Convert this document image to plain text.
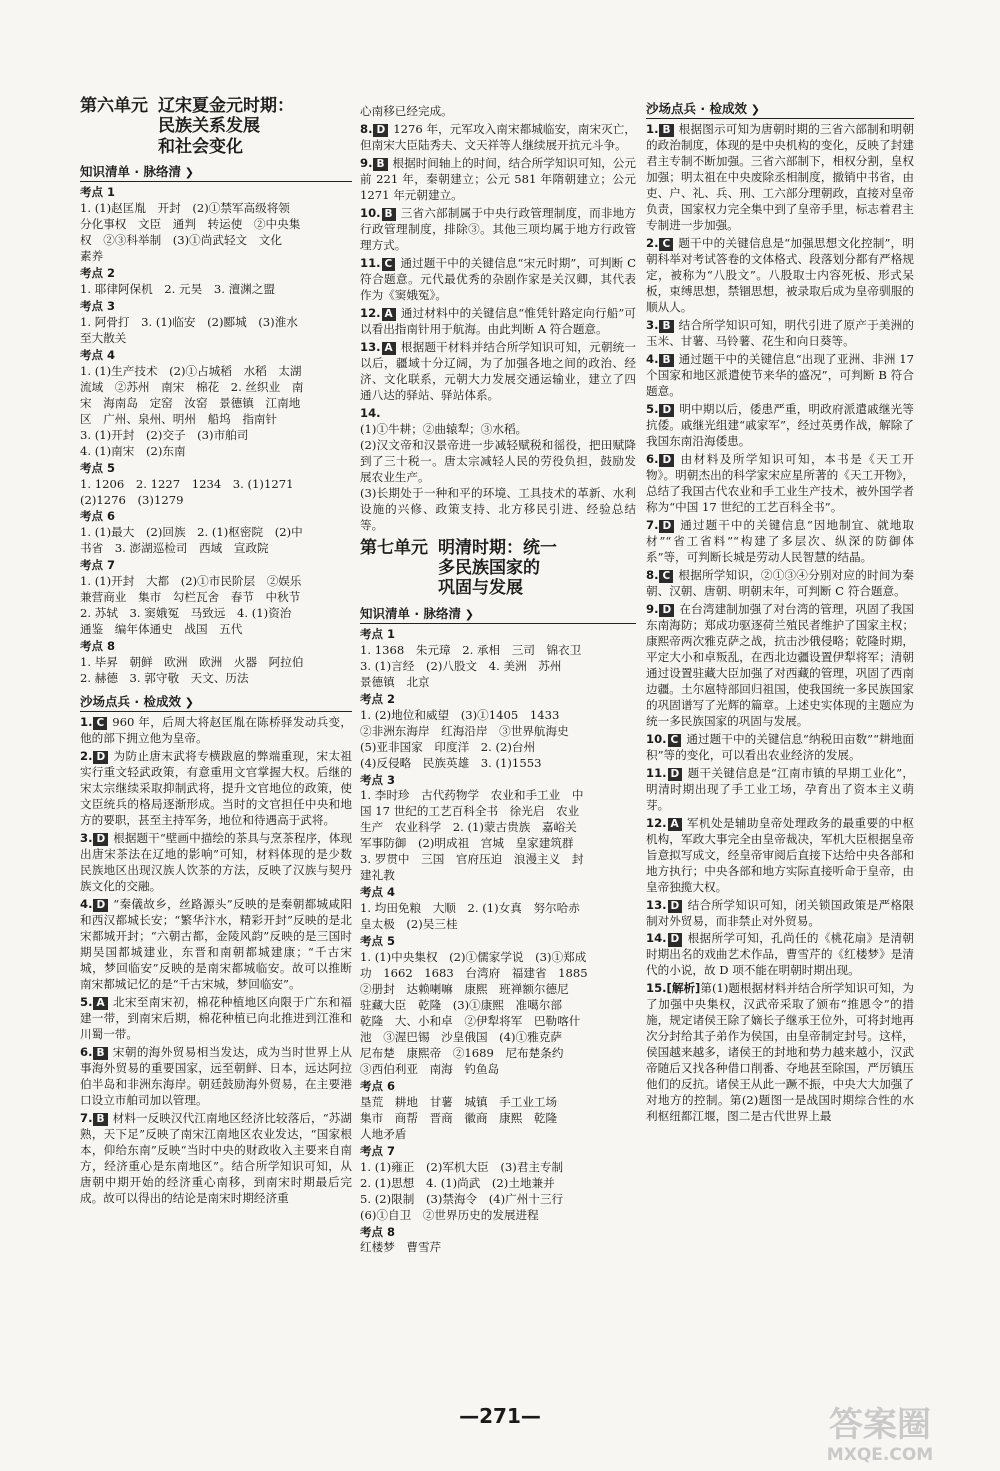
第六单元 辽宋夏金元时期：
民族关系发展
和社会变化
知识清单 · 脉络清 ❯
考点 1
1. (1)赵匡胤　开封　(2)①禁军高级将领
分化事权　文臣　通判　转运使　②中央集
权　②③科举制　(3)①尚武轻文　文化
素养
考点 2
1. 耶律阿保机　2. 元昊　3. 澶渊之盟
考点 3
1. 阿骨打　3. (1)临安　(2)郾城　(3)淮水
至大散关
考点 4
1. (1)生产技术　(2)①占城稻　水稻　太湖
流域　②苏州　南宋　棉花　2. 丝织业　南
宋　海南岛　定窑　汝窑　景德镇　江南地
区　广州、泉州、明州　船坞　指南针
3. (1)开封　(2)交子　(3)市舶司
4. (1)南宋　(2)东南
考点 5
1. 1206　2. 1227　1234　3. (1)1271
(2)1276　(3)1279
考点 6
1. (1)最大　(2)回族　2. (1)枢密院　(2)中
书省　3. 澎湖巡检司　西域　宣政院
考点 7
1. (1)开封　大都　(2)①市民阶层　②娱乐
兼营商业　集市　勾栏瓦舍　春节　中秋节
2. 苏轼　3. 窦娥冤　马致远　4. (1)资治
通鉴　编年体通史　战国　五代
考点 8
1. 毕昇　朝鲜　欧洲　欧洲　火器　阿拉伯
2. 赫德　3. 郭守敬　天文、历法
沙场点兵 · 检成效 ❯
1. C 960 年，后周大将赵匡胤在陈桥驿发动兵变，他的部下拥立他为皇帝。
2. D 为防止唐末武将专横跋扈的弊端重现，宋太祖实行重文轻武政策，有意重用文官掌握大权。后继的宋太宗继续采取抑制武将，提升文官地位的政策，使文臣统兵的格局逐渐形成。当时的文官担任中央和地方的要职，甚至主持军务，地位和待遇高于武将。
3. D 根据题干“壁画中描绘的茶具与烹茶程序，体现出唐宋茶法在辽地的影响”可知，材料体现的是少数民族地区出现汉族人饮茶的方法，反映了汉族与契丹族文化的交融。
4. D “秦儀故乡，丝路源头”反映的是秦朝都城咸阳和西汉都城长安；“繁华汴水，精彩开封”反映的是北宋都城开封；“六朝古都，金陵风韵”反映的是三国时期吴国都城建业，东晋和南朝都城建康；“千古宋城，梦回临安”反映的是南宋都城临安。故可以推断南宋都城记忆的是“千古宋城，梦回临安”。
5. A 北宋至南宋初，棉花种植地区向限于广东和福建一带，到南宋后期，棉花种植已向北推进到江淮和川蜀一带。
6. B 宋朝的海外贸易相当发达，成为当时世界上从事海外贸易的重要国家，远至朝鲜、日本，远达阿拉伯半岛和非洲东海岸。朝廷鼓励海外贸易，在主要港口设立市舶司加以管理。
7. B 材料一反映汉代江南地区经济比较落后，“苏湖熟，天下足”反映了南宋江南地区农业发达，“国家根本，仰给东南”反映“当时中央的财政收入主要来自南方，经济重心是东南地区”。结合所学知识可知，从唐朝中期开始的经济重心南移，到南宋时期最后完成。故可以得出的结论是南宋时期经济重
心南移已经完成。
8. D 1276 年，元军攻入南宋都城临安，南宋灭亡，但南宋大臣陆秀夫、文天祥等人继续展开抗元斗争。
9. B 根据时间轴上的时间，结合所学知识可知，公元前 221 年，秦朝建立；公元 581 年隋朝建立；公元 1271 年元朝建立。
10. B 三省六部制属于中央行政管理制度，而非地方行政管理制度，排除③。其他三项均属于地方行政管理方式。
11. C 通过题干中的关键信息“宋元时期”，可判断 C 符合题意。元代最优秀的杂剧作家是关汉卿，其代表作为《窦娥冤》。
12. A 通过材料中的关键信息“惟凭针路定向行船”可以看出指南针用于航海。由此判断 A 符合题意。
13. A 根据题干材料并结合所学知识可知，元朝统一以后，疆域十分辽阔，为了加强各地之间的政治、经济、文化联系，元朝大力发展交通运输业，建立了四通八达的驿站、驿站体系。
14.
(1)①牛耕；②曲辕犁；③水稻。
(2)汉文帝和汉景帝进一步减轻赋税和徭役，把田赋降到了三十税一。唐太宗减轻人民的劳役负担，鼓励发展农业生产。
(3)长期处于一种和平的环境、工具技术的革新、水利设施的兴修、政策支持、北方移民引进、经验总结等。
第七单元 明清时期：统一
多民族国家的
巩固与发展
知识清单 · 脉络清 ❯
考点 1
1. 1368　朱元璋　2. 承相　三司　锦衣卫
3. (1)言经　(2)八股文　4. 美洲　苏州
景德镇　北京
考点 2
1. (2)地位和威望　(3)①1405　1433
②非洲东海岸　红海沿岸　③世界航海史
(5)亚非国家　印度洋　2. (2)台州
(4)反侵略　民族英雄　3. (1)1553
考点 3
1. 李时珍　古代药物学　农业和手工业　中
国 17 世纪的工艺百科全书　徐光启　农业
生产　农业科学　2. (1)蒙古贵族　嘉峪关
军事防御　(2)明成祖　宫城　皇家建筑群
3. 罗贯中　三国　官府压迫　浪漫主义　封
建礼教
考点 4
1. 均田免粮　大顺　2. (1)女真　努尔哈赤
皇太极　(2)吴三桂
考点 5
1. (1)中央集权　(2)①儒家学说　(3)①郑成
功　1662　1683　台湾府　福建省　1885
②册封　达赖喇嘛　康熙　班禅额尔德尼
驻藏大臣　乾隆　(3)①康熙　准噶尔部
乾隆　大、小和卓　②伊犁将军　巴勒喀什
池　③渥巴锡　沙皇俄国　(4)①雅克萨
尼布楚　康熙帝　②1689　尼布楚条约
③西伯利亚　南海　钓鱼岛
考点 6
垦荒　耕地　甘薯　城镇　手工业工场
集市　商帮　晋商　徽商　康熙　乾隆
人地矛盾
考点 7
1. (1)雍正　(2)军机大臣　(3)君主专制
2. (1)思想　4. (1)尚武　(2)土地兼并
5. (2)限制　(3)禁海令　(4)广州十三行
(6)①自卫　②世界历史的发展进程
考点 8
红楼梦　曹雪芹
沙场点兵 · 检成效 ❯
1. B 根据图示可知为唐朝时期的三省六部制和明朝的政治制度，体现的是中央机构的变化，反映了封建君主专制不断加强。三省六部制下，相权分割，皇权加强；明太祖在中央废除丞相制度，撤销中书省，由吏、户、礼、兵、刑、工六部分理朝政，直接对皇帝负责，国家权力完全集中到了皇帝手里，标志着君主专制进一步加强。
2. C 题干中的关键信息是“加强思想文化控制”，明朝科举对考试答卷的文体格式、段落划分都有严格规定，被称为“八股文”。八股取士内容死板、形式呆板，束缚思想，禁锢思想，被录取后成为皇帝驯服的顺从人。
3. B 结合所学知识可知，明代引进了原产于美洲的玉米、甘薯、马铃薯、花生和向日葵等。
4. B 通过题干中的关键信息“出现了亚洲、非洲 17 个国家和地区派遣使节来华的盛况”，可判断 B 符合题意。
5. D 明中期以后，倭患严重，明政府派遣戚继光等抗倭。戚继光组建“戚家军”，经过英勇作战，解除了我国东南沿海倭患。
6. D 由材料及所学知识可知，本书是《天工开物》。明朝杰出的科学家宋应星所著的《天工开物》，总结了我国古代农业和手工业生产技术，被外国学者称为“中国 17 世纪的工艺百科全书”。
7. D 通过题干中的关键信息“因地制宜、就地取材”“省工省料”“构建了多层次、纵深的防御体系”等，可判断长城是劳动人民智慧的结晶。
8. C 根据所学知识，②①③④分别对应的时间为秦朝、汉朝、唐朝、明朝末年，可判断 C 符合题意。
9. D 在台湾建制加强了对台湾的管理，巩固了我国东南海防；郑成功驱逐荷兰殖民者维护了国家主权；康熙帝两次雅克萨之战，抗击沙俄侵略；乾隆时期，平定大小和卓叛乱，在西北边疆设置伊犁将军；清朝通过设置驻藏大臣加强了对西藏的管理，巩固了西南边疆。土尔扈特部回归祖国，使我国统一多民族国家的巩固谱写了光辉的篇章。上述史实体现的主题应为统一多民族国家的巩固与发展。
10. C 通过题干中的关键信息“纳税田亩数”“耕地面积”等的变化，可以看出农业经济的发展。
11. D 题干关键信息是“江南市镇的早期工业化”，明清时期出现了手工业工场，孕育出了资本主义萌芽。
12. A 军机处是辅助皇帝处理政务的最重要的中枢机构，军政大事完全由皇帝裁决，军机大臣根据皇帝旨意拟写成文，经皇帝审阅后直接下达给中央各部和地方执行；中央各部和地方实际直接听命于皇帝，由皇帝独揽大权。
13. D 结合所学知识可知，闭关锁国政策是严格限制对外贸易，而非禁止对外贸易。
14. D 根据所学可知，孔尚任的《桃花扇》是清朝时期出名的戏曲艺术作品，曹雪芹的《红楼梦》是清代的小说，故 D 项不能在明朝时期出现。
15.[解析]第(1)题根据材料并结合所学知识可知，为了加强中央集权，汉武帝采取了颁布“推恩令”的措施，规定诸侯王除了嫡长子继承王位外，可将封地再次分封给其子弟作为侯国，由皇帝制定封号。这样，侯国越来越多，诸侯王的封地和势力越来越小，汉武帝随后又找各种借口削番、夺地甚至除国，严厉镇压他们的反抗。诸侯王从此一蹶不振，中央大大加强了对地方的控制。第(2)题图一是战国时期综合性的水利枢纽都江堰，图二是古代世界上最
—271—	答案圈
MXQE.COM
